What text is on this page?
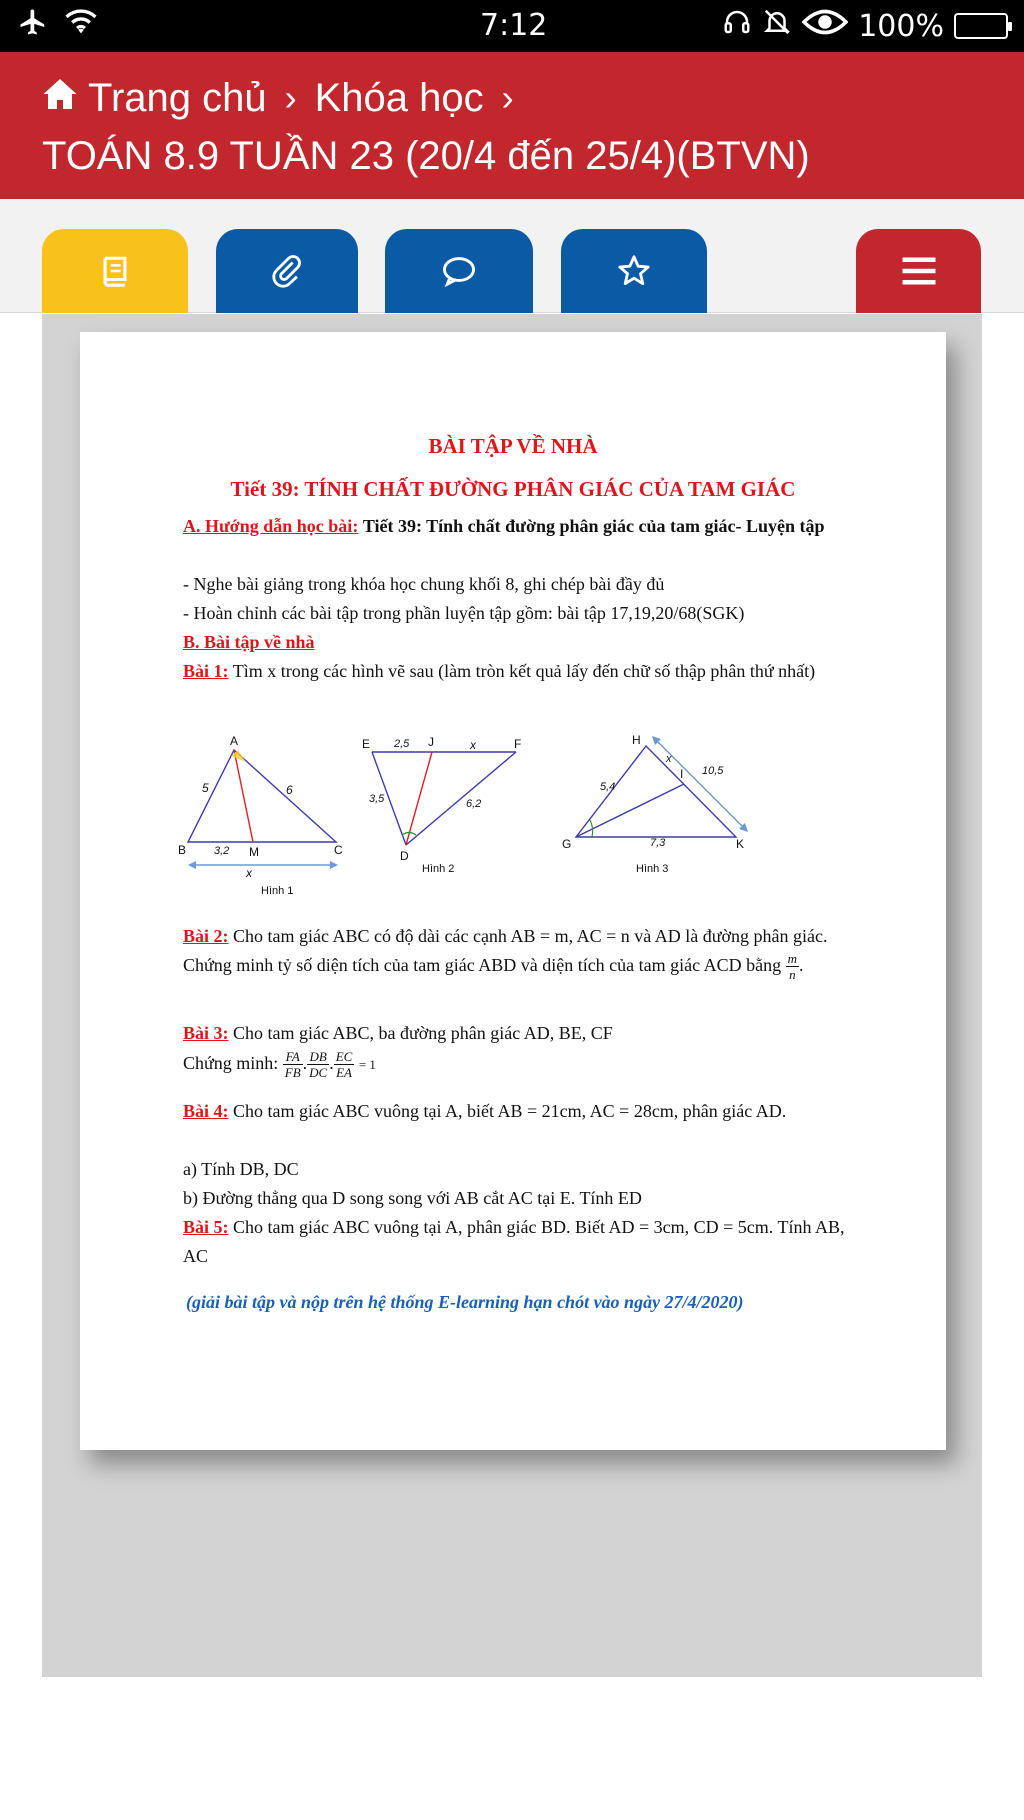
7:12	100%
Trang chủ › Khóa học ›
TOÁN 8.9 TUẦN 23 (20/4 đến 25/4)(BTVN)
BÀI TẬP VỀ NHÀ
Tiết 39: TÍNH CHẤT ĐƯỜNG PHÂN GIÁC CỦA TAM GIÁC
A. Hướng dẫn học bài: Tiết 39: Tính chất đường phân giác của tam giác- Luyện tập
- Nghe bài giảng trong khóa học chung khối 8, ghi chép bài đầy đủ
- Hoàn chỉnh các bài tập trong phần luyện tập gồm: bài tập 17,19,20/68(SGK)
B. Bài tập về nhà
Bài 1: Tìm x trong các hình vẽ sau (làm tròn kết quả lấy đến chữ số thập phân thứ nhất)
A
B	M	C
5	6
3,2
x
Hình 1
E	J	F
D
2,5	x
3,5	6,2
Hình 2
H
I
G	K
x
10,5
5,4
7,3
Hình 3
Bài 2: Cho tam giác ABC có độ dài các cạnh AB = m, AC = n và AD là đường phân giác. Chứng minh tỷ số diện tích của tam giác ABD và diện tích của tam giác ACD bằng $\frac{m}{n}$ .
Bài 3: Cho tam giác ABC, ba đường phân giác AD, BE, CF
Chứng minh: $\frac{FA}{FB}$ . $\frac{DB}{DC}$ . $\frac{EC}{EA} = 1$
Bài 4: Cho tam giác ABC vuông tại A, biết AB = 21cm, AC = 28cm, phân giác AD.
a) Tính DB, DC
b) Đường thẳng qua D song song với AB cắt AC tại E. Tính ED
Bài 5: Cho tam giác ABC vuông tại A, phân giác BD. Biết AD = 3cm, CD = 5cm. Tính AB, AC
(giải bài tập và nộp trên hệ thống E-learning hạn chót vào ngày 27/4/2020)
